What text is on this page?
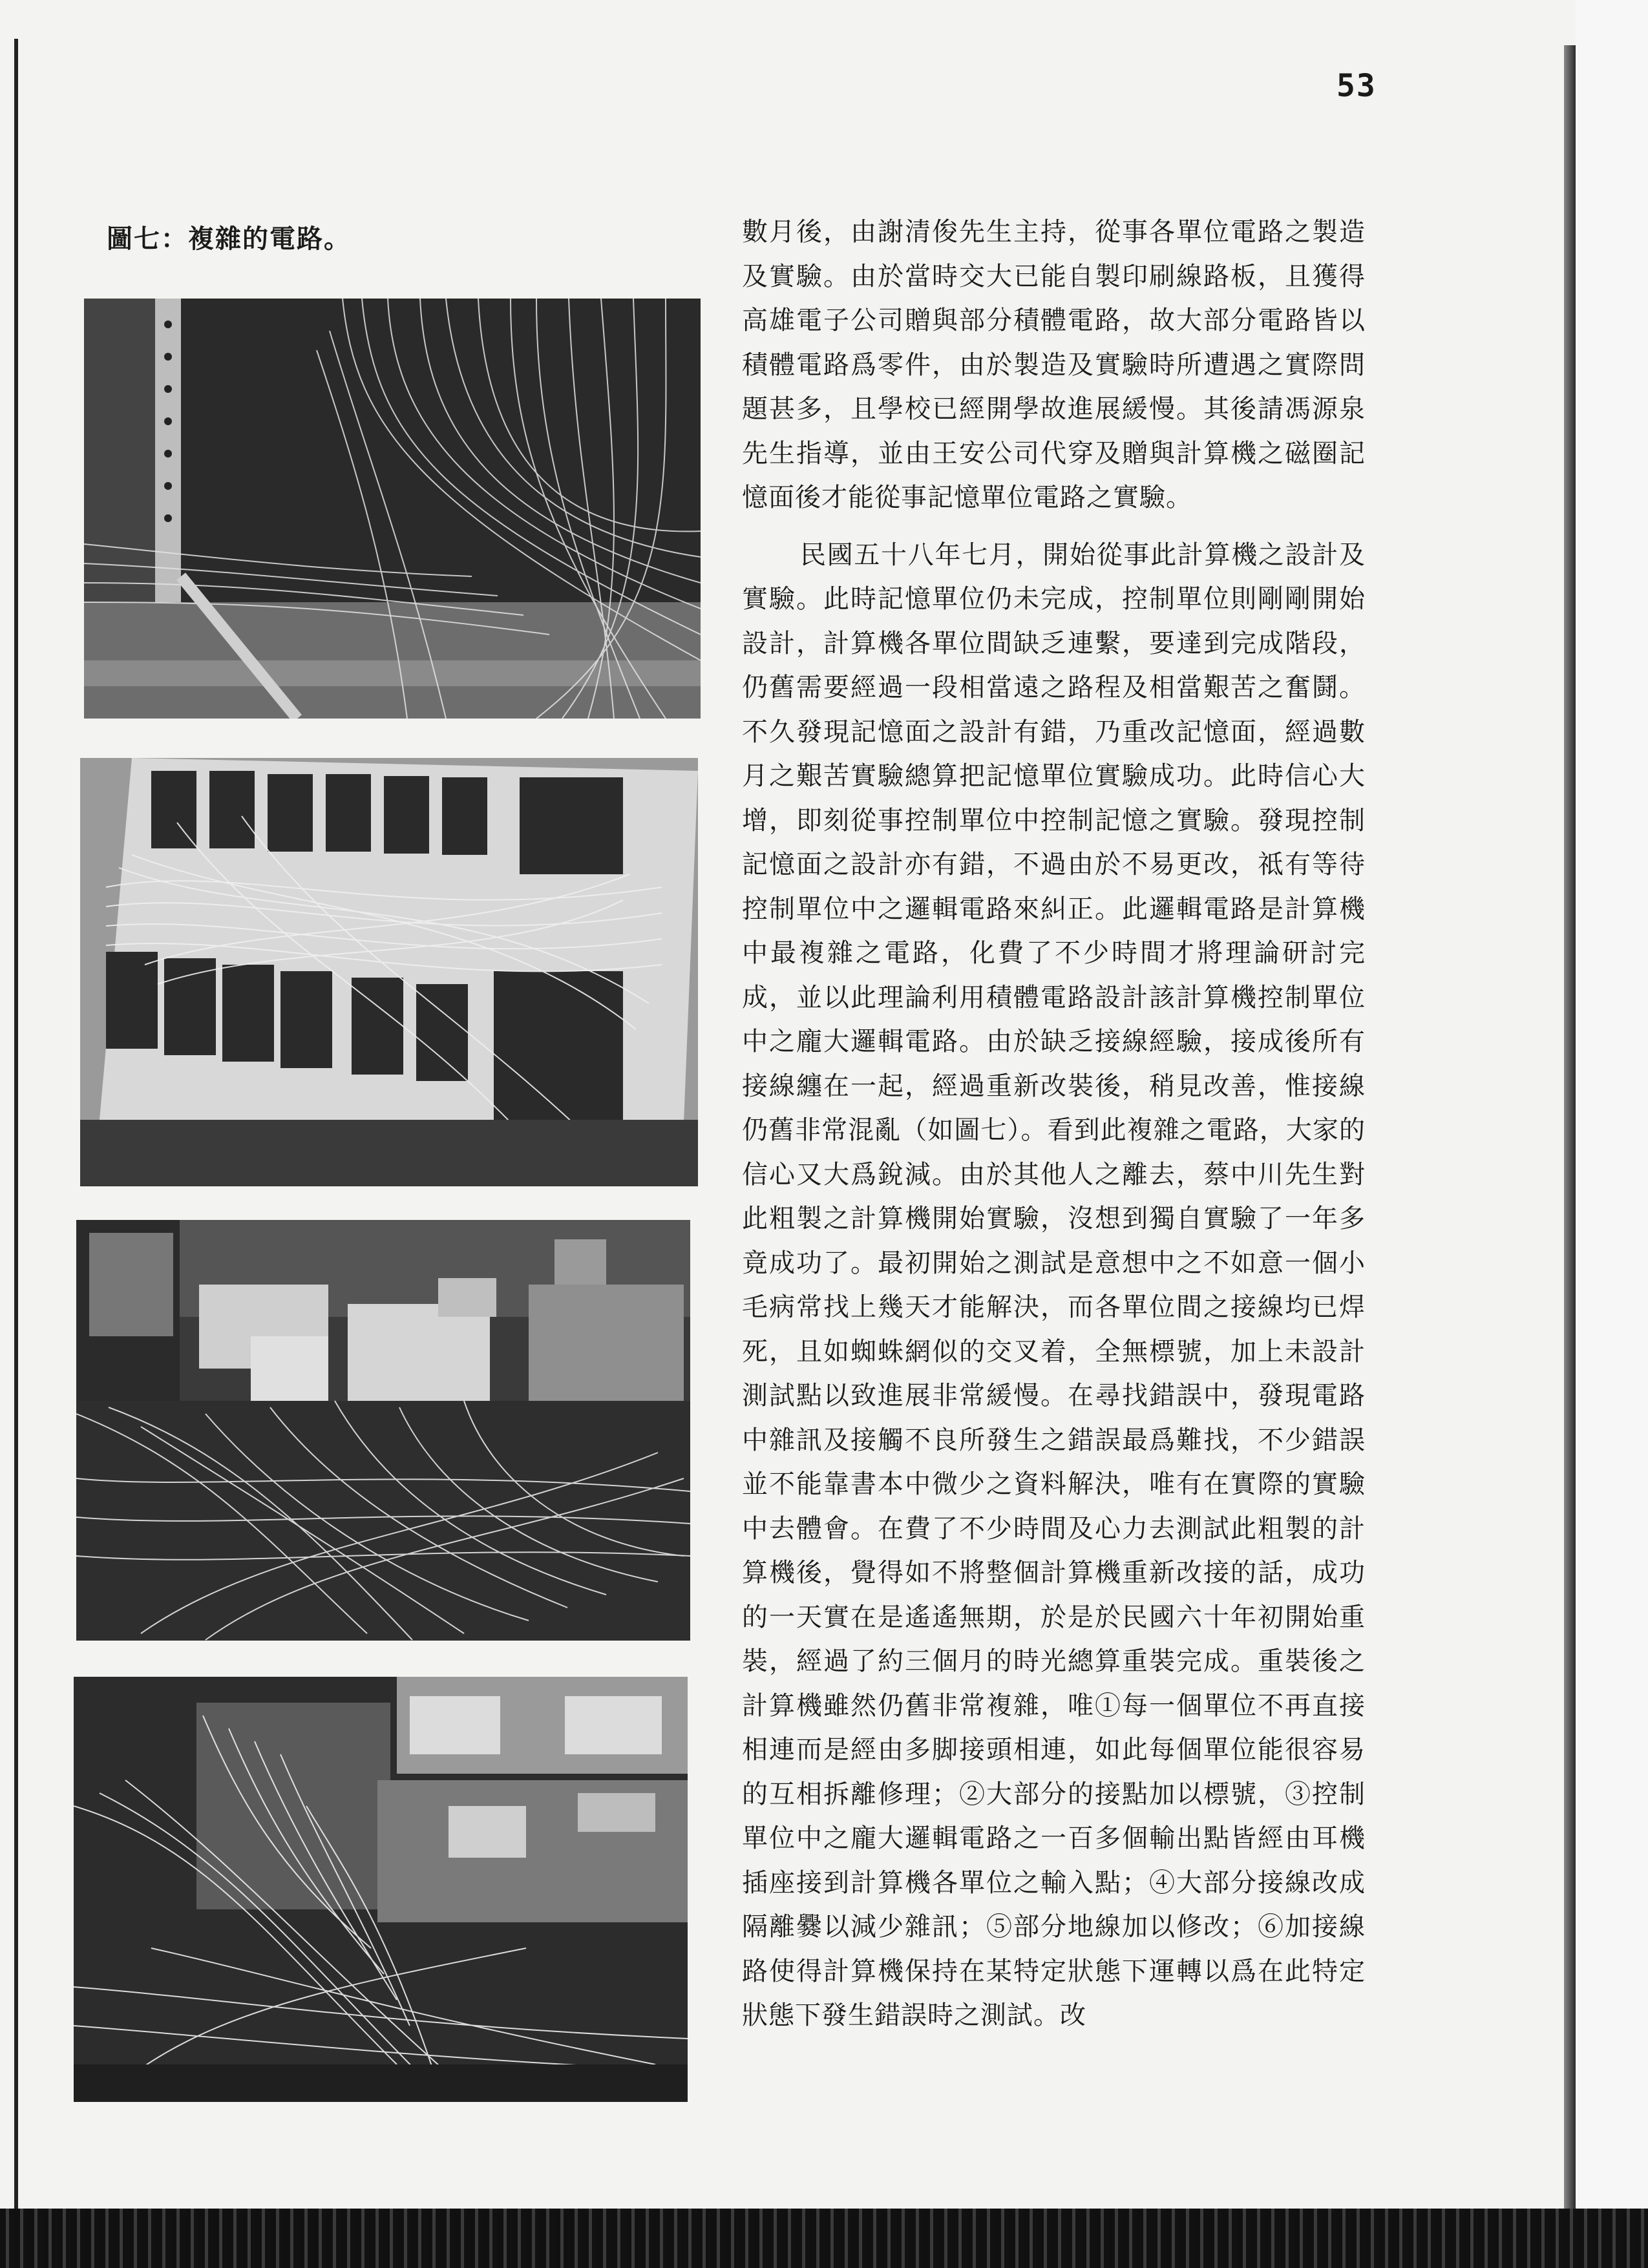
53
圖七：複雜的電路。	數月後，由謝清俊先生主持，從事各單位電路之製造及實驗。由於當時交大已能自製印刷線路板，且獲得高雄電子公司贈與部分積體電路，故大部分電路皆以積體電路爲零件，由於製造及實驗時所遭遇之實際問題甚多，且學校已經開學故進展緩慢。其後請馮源泉先生指導，並由王安公司代穿及贈與計算機之磁圈記憶面後才能從事記憶單位電路之實驗。

民國五十八年七月，開始從事此計算機之設計及實驗。此時記憶單位仍未完成，控制單位則剛剛開始設計，計算機各單位間缺乏連繫，要達到完成階段，仍舊需要經過一段相當遠之路程及相當艱苦之奮鬪。不久發現記憶面之設計有錯，乃重改記憶面，經過數月之艱苦實驗總算把記憶單位實驗成功。此時信心大增，即刻從事控制單位中控制記憶之實驗。發現控制記憶面之設計亦有錯，不過由於不易更改，祗有等待控制單位中之邏輯電路來糾正。此邏輯電路是計算機中最複雜之電路，化費了不少時間才將理論研討完成，並以此理論利用積體電路設計該計算機控制單位中之龐大邏輯電路。由於缺乏接線經驗，接成後所有接線纏在一起，經過重新改裝後，稍見改善，惟接線仍舊非常混亂（如圖七）。看到此複雜之電路，大家的信心又大爲銳減。由於其他人之離去，蔡中川先生對此粗製之計算機開始實驗，沒想到獨自實驗了一年多竟成功了。最初開始之測試是意想中之不如意一個小毛病常找上幾天才能解決，而各單位間之接線均已焊死，且如蜘蛛網似的交叉着，全無標號，加上未設計測試點以致進展非常緩慢。在尋找錯誤中，發現電路中雜訊及接觸不良所發生之錯誤最爲難找，不少錯誤並不能靠書本中微少之資料解決，唯有在實際的實驗中去體會。在費了不少時間及心力去測試此粗製的計算機後，覺得如不將整個計算機重新改接的話，成功的一天實在是遙遙無期，於是於民國六十年初開始重裝，經過了約三個月的時光總算重裝完成。重裝後之計算機雖然仍舊非常複雜，唯①每一個單位不再直接相連而是經由多脚接頭相連，如此每個單位能很容易的互相拆離修理；②大部分的接點加以標號，③控制單位中之龐大邏輯電路之一百多個輸出點皆經由耳機插座接到計算機各單位之輸入點；④大部分接線改成隔離爨以減少雜訊；⑤部分地線加以修改；⑥加接線路使得計算機保持在某特定狀態下運轉以爲在此特定狀態下發生錯誤時之測試。改
